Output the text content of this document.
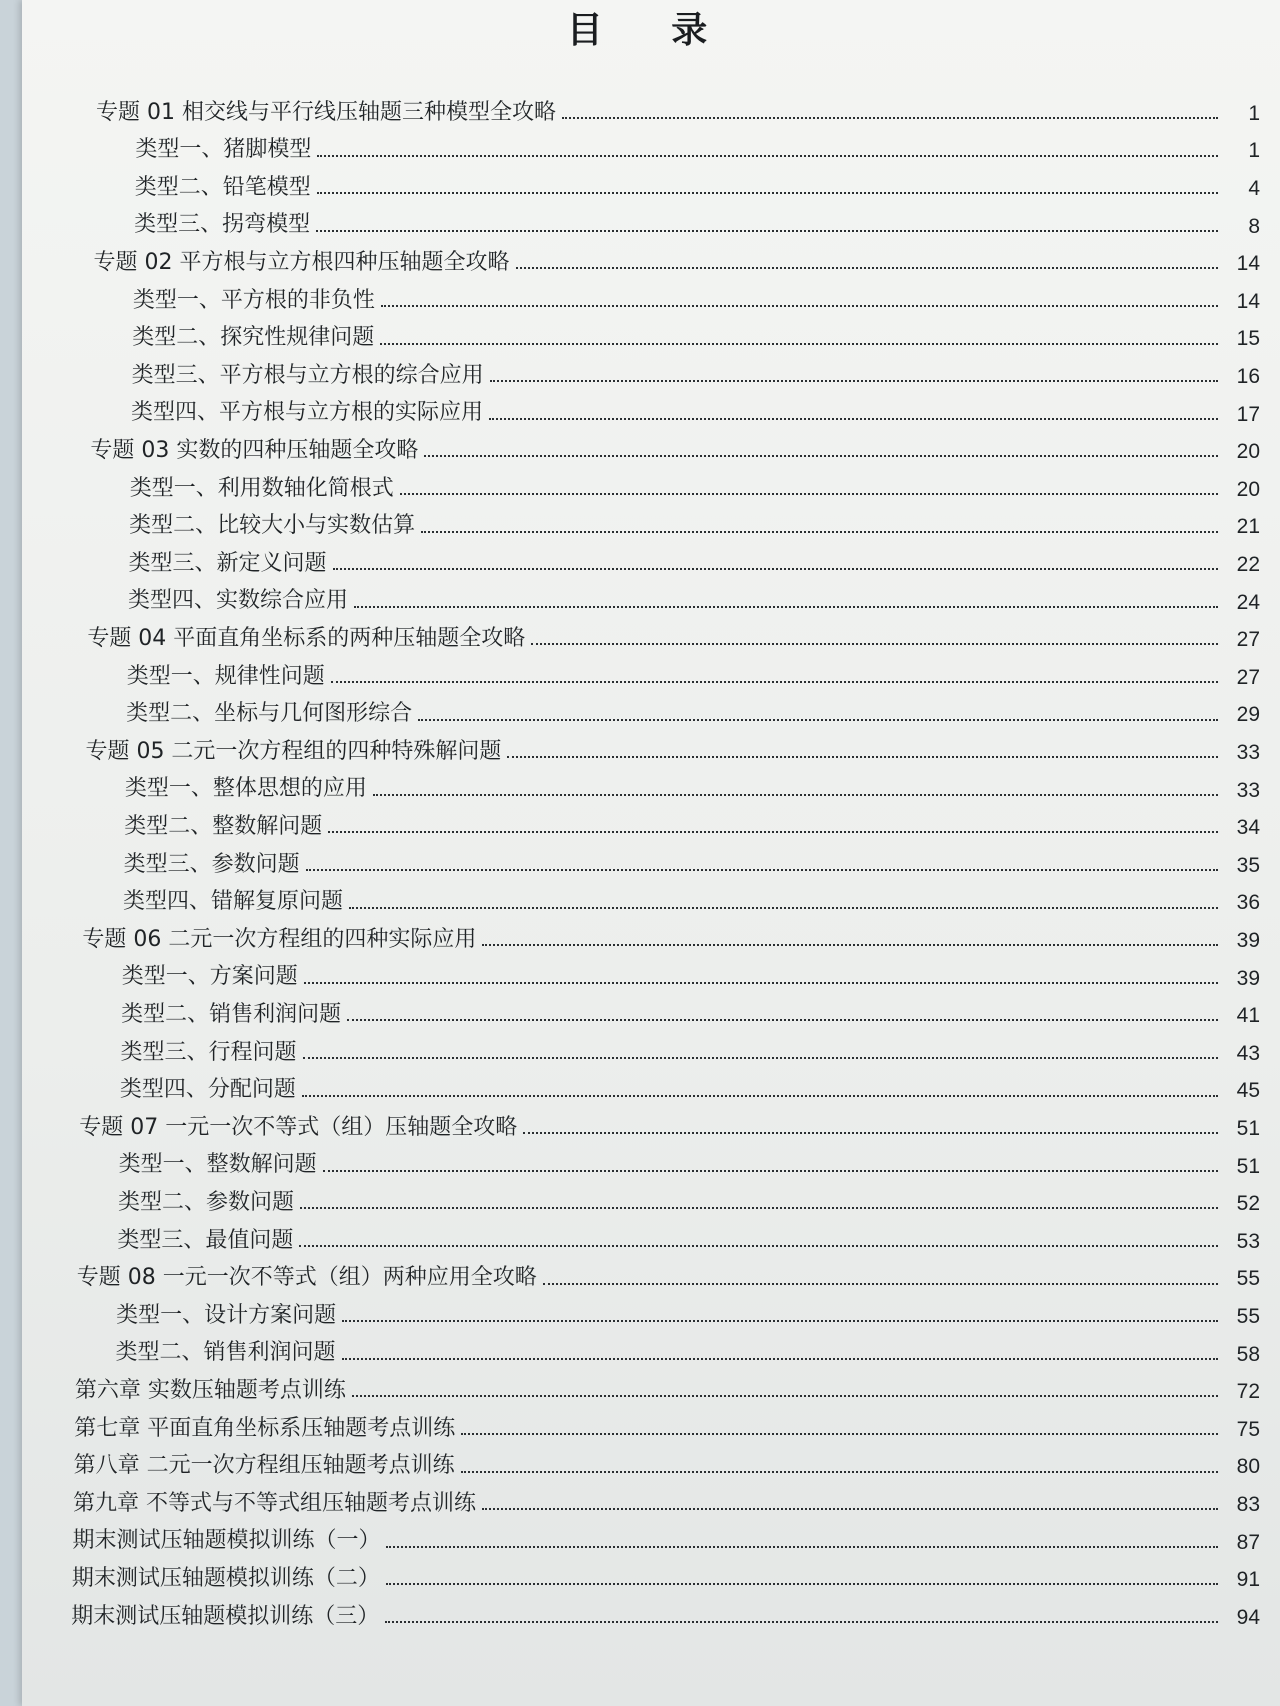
目 录
专题 01 相交线与平行线压轴题三种模型全攻略	1
类型一、猪脚模型	1
类型二、铅笔模型	4
类型三、拐弯模型	8
专题 02 平方根与立方根四种压轴题全攻略	14
类型一、平方根的非负性	14
类型二、探究性规律问题	15
类型三、平方根与立方根的综合应用	16
类型四、平方根与立方根的实际应用	17
专题 03 实数的四种压轴题全攻略	20
类型一、利用数轴化简根式	20
类型二、比较大小与实数估算	21
类型三、新定义问题	22
类型四、实数综合应用	24
专题 04 平面直角坐标系的两种压轴题全攻略	27
类型一、规律性问题	27
类型二、坐标与几何图形综合	29
专题 05 二元一次方程组的四种特殊解问题	33
类型一、整体思想的应用	33
类型二、整数解问题	34
类型三、参数问题	35
类型四、错解复原问题	36
专题 06 二元一次方程组的四种实际应用	39
类型一、方案问题	39
类型二、销售利润问题	41
类型三、行程问题	43
类型四、分配问题	45
专题 07 一元一次不等式（组）压轴题全攻略	51
类型一、整数解问题	51
类型二、参数问题	52
类型三、最值问题	53
专题 08 一元一次不等式（组）两种应用全攻略	55
类型一、设计方案问题	55
类型二、销售利润问题	58
第六章 实数压轴题考点训练	72
第七章 平面直角坐标系压轴题考点训练	75
第八章 二元一次方程组压轴题考点训练	80
第九章 不等式与不等式组压轴题考点训练	83
期末测试压轴题模拟训练（一）	87
期末测试压轴题模拟训练（二）	91
期末测试压轴题模拟训练（三）	94
